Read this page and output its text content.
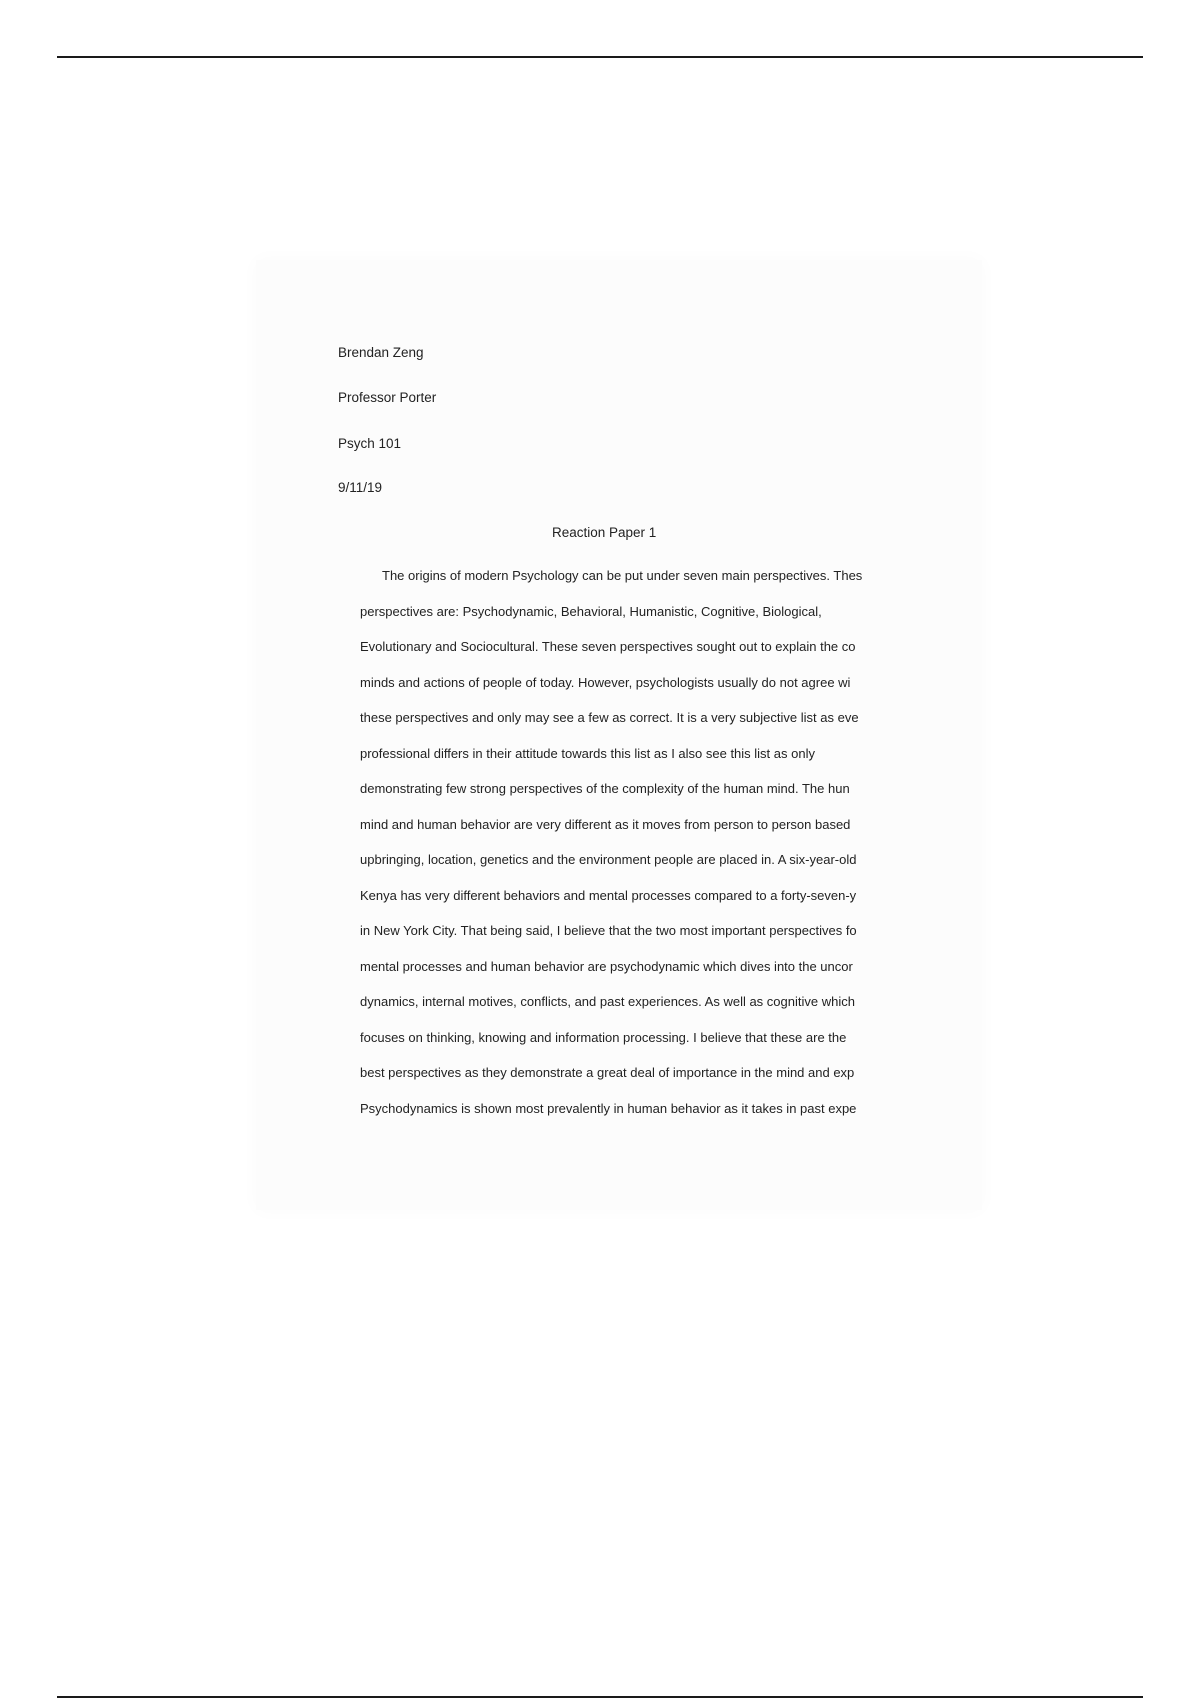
Brendan Zeng
Professor Porter
Psych 101
9/11/19
Reaction Paper 1
The origins of modern Psychology can be put under seven main perspectives. Thes
perspectives are: Psychodynamic, Behavioral, Humanistic, Cognitive, Biological,
Evolutionary and Sociocultural. These seven perspectives sought out to explain the co
minds and actions of people of today. However, psychologists usually do not agree wi
these perspectives and only may see a few as correct. It is a very subjective list as eve
professional differs in their attitude towards this list as I also see this list as only
demonstrating few strong perspectives of the complexity of the human mind. The hun
mind and human behavior are very different as it moves from person to person based
upbringing, location, genetics and the environment people are placed in. A six-year-old
Kenya has very different behaviors and mental processes compared to a forty-seven-y
in New York City. That being said, I believe that the two most important perspectives fo
mental processes and human behavior are psychodynamic which dives into the uncor
dynamics, internal motives, conflicts, and past experiences. As well as cognitive which
focuses on thinking, knowing and information processing. I believe that these are the
best perspectives as they demonstrate a great deal of importance in the mind and exp
Psychodynamics is shown most prevalently in human behavior as it takes in past expe
